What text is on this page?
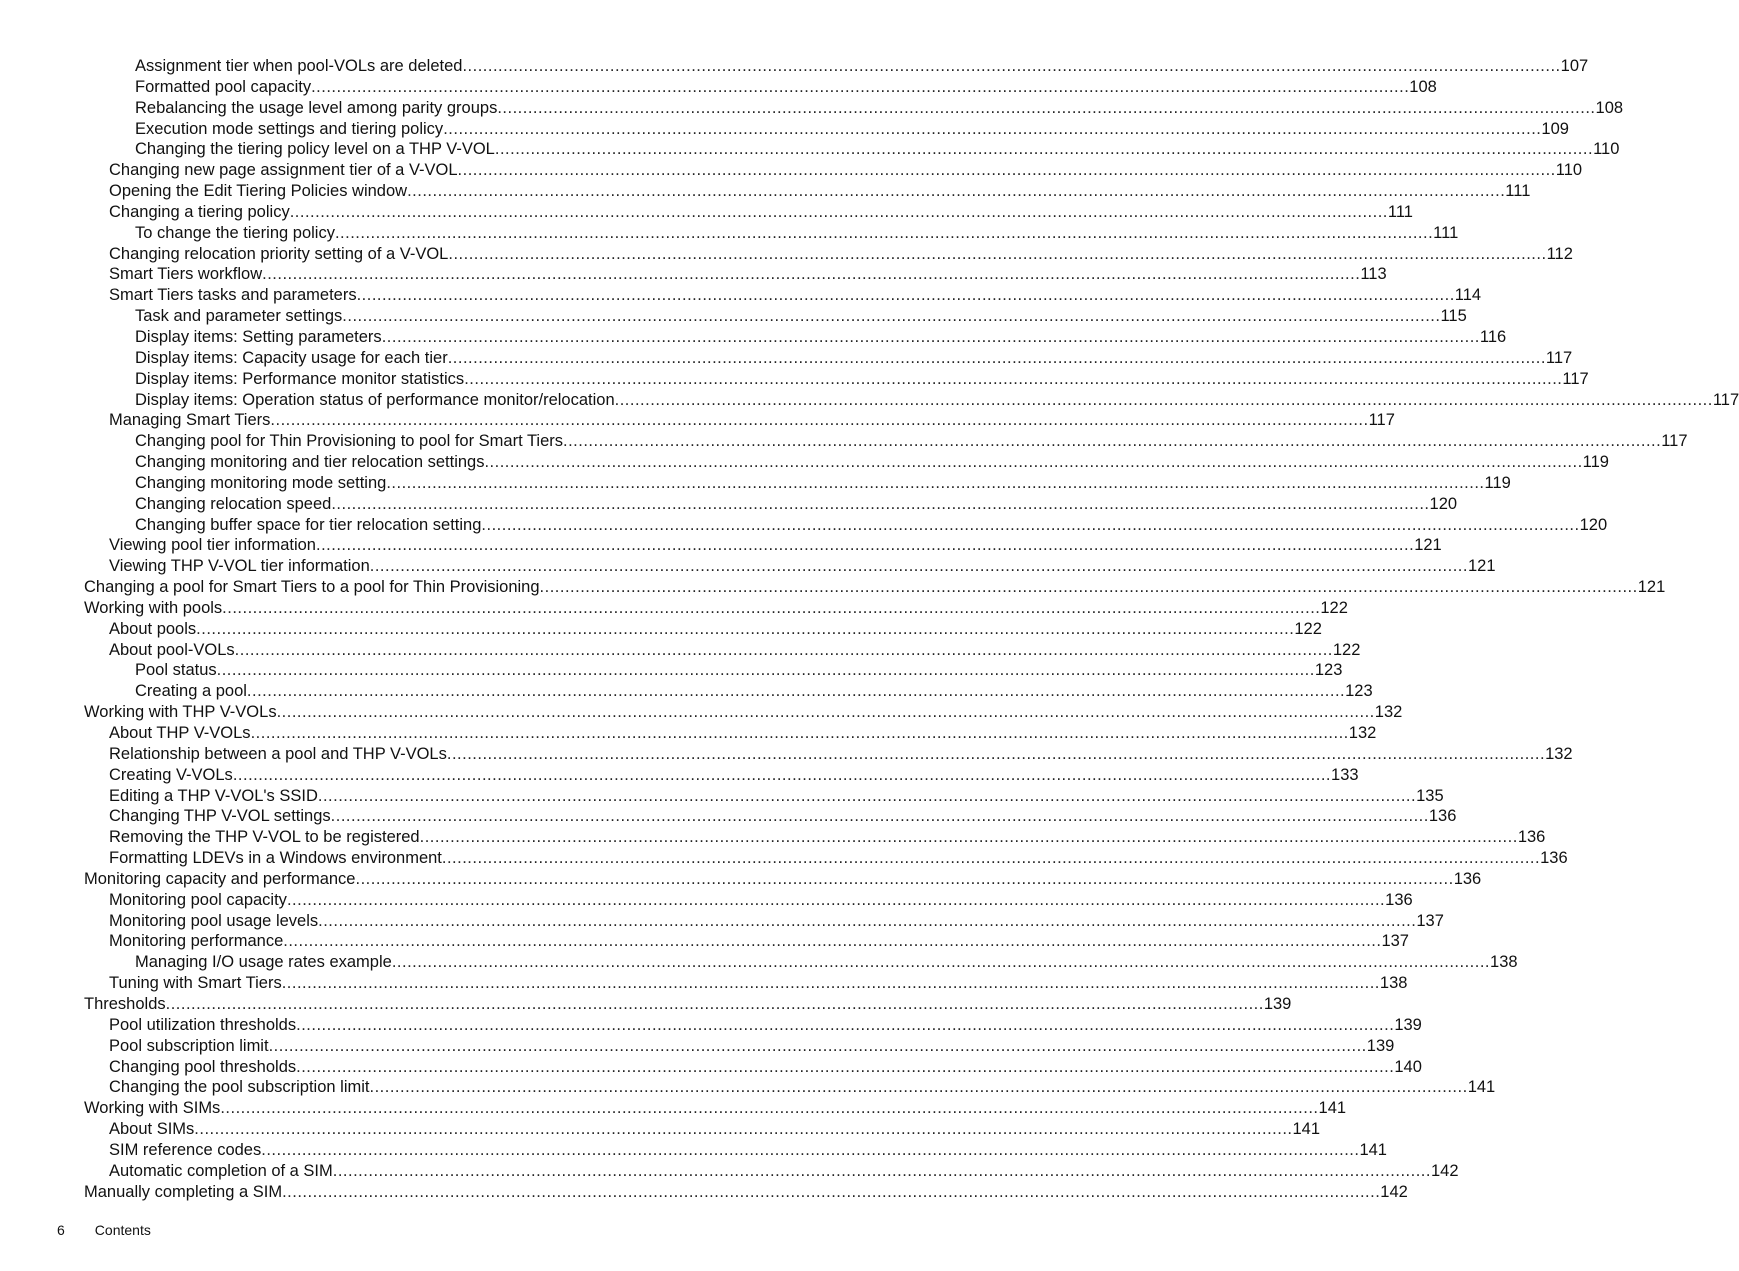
Assignment tier when pool-VOLs are deleted .....	107
Formatted pool capacity .....	108
Rebalancing the usage level among parity groups .....	108
Execution mode settings and tiering policy .....	109
Changing the tiering policy level on a THP V-VOL .....	110
Changing new page assignment tier of a V-VOL .....	110
Opening the Edit Tiering Policies window .....	111
Changing a tiering policy .....	111
To change the tiering policy .....	111
Changing relocation priority setting of a V-VOL .....	112
Smart Tiers workflow .....	113
Smart Tiers tasks and parameters .....	114
Task and parameter settings .....	115
Display items: Setting parameters .....	116
Display items: Capacity usage for each tier .....	117
Display items: Performance monitor statistics .....	117
Display items: Operation status of performance monitor/relocation .....	117
Managing Smart Tiers .....	117
Changing pool for Thin Provisioning to pool for Smart Tiers .....	117
Changing monitoring and tier relocation settings .....	119
Changing monitoring mode setting .....	119
Changing relocation speed .....	120
Changing buffer space for tier relocation setting .....	120
Viewing pool tier information .....	121
Viewing THP V-VOL tier information .....	121
Changing a pool for Smart Tiers to a pool for Thin Provisioning .....	121
Working with pools .....	122
About pools .....	122
About pool-VOLs .....	122
Pool status .....	123
Creating a pool .....	123
Working with THP V-VOLs .....	132
About THP V-VOLs .....	132
Relationship between a pool and THP V-VOLs .....	132
Creating V-VOLs .....	133
Editing a THP V-VOL's SSID .....	135
Changing THP V-VOL settings .....	136
Removing the THP V-VOL to be registered .....	136
Formatting LDEVs in a Windows environment .....	136
Monitoring capacity and performance .....	136
Monitoring pool capacity .....	136
Monitoring pool usage levels .....	137
Monitoring performance .....	137
Managing I/O usage rates example .....	138
Tuning with Smart Tiers .....	138
Thresholds .....	139
Pool utilization thresholds .....	139
Pool subscription limit .....	139
Changing pool thresholds .....	140
Changing the pool subscription limit .....	141
Working with SIMs .....	141
About SIMs .....	141
SIM reference codes .....	141
Automatic completion of a SIM .....	142
Manually completing a SIM .....	142
6 Contents
